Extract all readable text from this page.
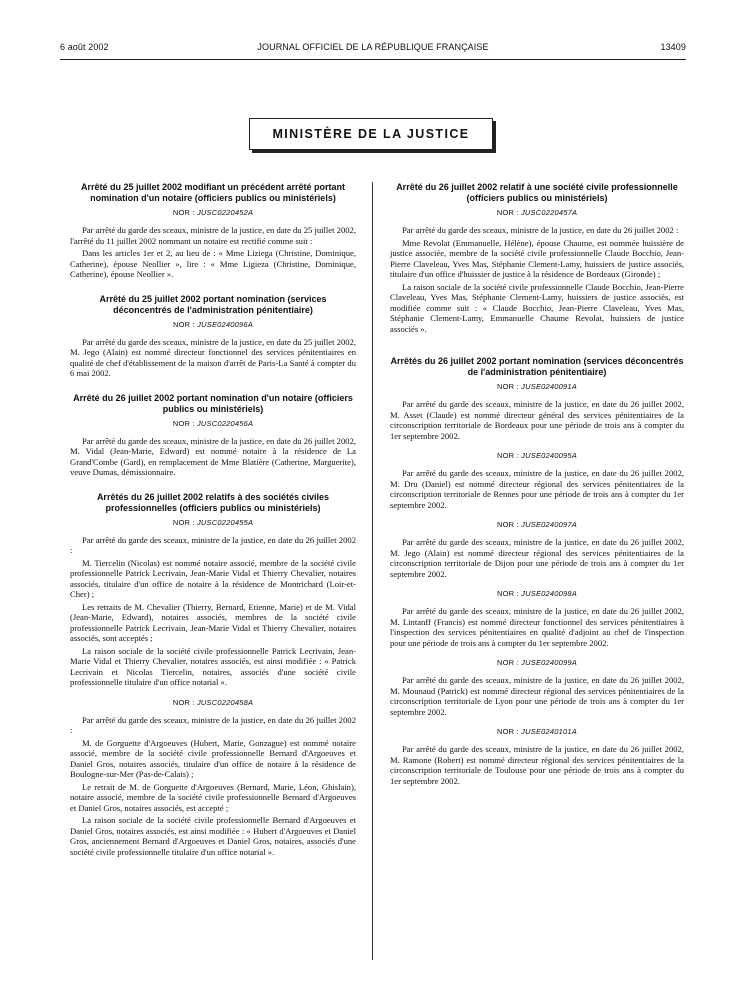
6 août 2002	JOURNAL OFFICIEL DE LA RÉPUBLIQUE FRANÇAISE	13409
MINISTÈRE DE LA JUSTICE
Arrêté du 25 juillet 2002 modifiant un précédent arrêté portant nomination d'un notaire (officiers publics ou ministériels)
NOR : JUSC0220452A

Par arrêté du garde des sceaux, ministre de la justice, en date du 25 juillet 2002, l'arrêté du 11 juillet 2002 nommant un notaire est rectifié comme suit :

Dans les articles 1er et 2, au lieu de : « Mme Liziega (Christine, Dominique, Catherine), épouse Neollier », lire : « Mme Ligieza (Christine, Dominique, Catherine), épouse Neollier ».

Arrêté du 25 juillet 2002 portant nomination (services déconcentrés de l'administration pénitentiaire)
NOR : JUSE0240096A

Par arrêté du garde des sceaux, ministre de la justice, en date du 25 juillet 2002, M. Jego (Alain) est nommé directeur fonctionnel des services pénitentiaires en qualité de chef d'établissement de la maison d'arrêt de Paris-La Santé à compter du 6 mai 2002.

Arrêté du 26 juillet 2002 portant nomination d'un notaire (officiers publics ou ministériels)
NOR : JUSC0220456A

Par arrêté du garde des sceaux, ministre de la justice, en date du 26 juillet 2002, M. Vidal (Jean-Marie, Edward) est nommé notaire à la résidence de La Grand'Combe (Gard), en remplacement de Mme Blatière (Catherine, Marguerite), veuve Dumas, démissionnaire.

Arrêtés du 26 juillet 2002 relatifs à des sociétés civiles professionnelles (officiers publics ou ministériels)
NOR : JUSC0220455A

Par arrêté du garde des sceaux, ministre de la justice, en date du 26 juillet 2002 :

M. Tiercelin (Nicolas) est nommé notaire associé, membre de la société civile professionnelle Patrick Lecrivain, Jean-Marie Vidal et Thierry Chevalier, notaires associés, titulaire d'un office de notaire à la résidence de Montrichard (Loir-et-Cher) ;

Les retraits de M. Chevalier (Thierry, Bernard, Etienne, Marie) et de M. Vidal (Jean-Marie, Edward), notaires associés, membres de la société civile professionnelle Patrick Lecrivain, Jean-Marie Vidal et Thierry Chevalier, notaires associés, sont acceptés ;

La raison sociale de la société civile professionnelle Patrick Lecrivain, Jean-Marie Vidal et Thierry Chevalier, notaires associés, est ainsi modifiée : « Patrick Lecrivain et Nicolas Tiercelin, notaires, associés d'une société civile professionnelle titulaire d'un office notarial ».

NOR : JUSC0220458A

Par arrêté du garde des sceaux, ministre de la justice, en date du 26 juillet 2002 :

M. de Gorguette d'Argoeuves (Hubert, Marie, Gonzague) est nommé notaire associé, membre de la société civile professionnelle Bernard d'Argoeuves et Daniel Gros, notaires associés, titulaire d'un office de notaire à la résidence de Boulogne-sur-Mer (Pas-de-Calais) ;

Le retrait de M. de Gorguette d'Argoeuves (Bernard, Marie, Léon, Ghislain), notaire associé, membre de la société civile professionnelle Bernard d'Argoeuves et Daniel Gros, notaires associés, est accepté ;

La raison sociale de la société civile professionnelle Bernard d'Argoeuves et Daniel Gros, notaires associés, est ainsi modifiée : « Hubert d'Argoeuves et Daniel Gros, anciennement Bernard d'Argoeuves et Daniel Gros, notaires, associés d'une société civile professionnelle titulaire d'un office notarial ».

Arrêté du 26 juillet 2002 relatif à une société civile professionnelle (officiers publics ou ministériels)
NOR : JUSC0220457A

Par arrêté du garde des sceaux, ministre de la justice, en date du 26 juillet 2002 :

Mme Revolat (Emmanuelle, Hélène), épouse Chaume, est nommée huissière de justice associée, membre de la société civile professionnelle Claude Bocchio, Jean-Pierre Claveleau, Yves Mas, Stéphanie Clement-Lamy, huissiers de justice associés, titulaire d'un office d'huissier de justice à la résidence de Bordeaux (Gironde) ;

La raison sociale de la société civile professionnelle Claude Bocchio, Jean-Pierre Claveleau, Yves Mas, Stéphanie Clement-Lamy, huissiers de justice associés, est modifiée comme suit : « Claude Bocchio, Jean-Pierre Claveleau, Yves Mas, Stéphanie Clement-Lamy, Emmanuelle Chaume Revolat, huissiers de justice associés ».

Arrêtés du 26 juillet 2002 portant nomination (services déconcentrés de l'administration pénitentiaire)
NOR : JUSE0240091A

Par arrêté du garde des sceaux, ministre de la justice, en date du 26 juillet 2002, M. Asset (Claude) est nommé directeur général des services pénitentiaires de la circonscription territoriale de Bordeaux pour une période de trois ans à compter du 1er septembre 2002.

NOR : JUSE0240095A

Par arrêté du garde des sceaux, ministre de la justice, en date du 26 juillet 2002, M. Dru (Daniel) est nommé directeur régional des services pénitentiaires de la circonscription territoriale de Rennes pour une période de trois ans à compter du 1er septembre 2002.

NOR : JUSE0240097A

Par arrêté du garde des sceaux, ministre de la justice, en date du 26 juillet 2002, M. Jego (Alain) est nommé directeur régional des services pénitentiaires de la circonscription territoriale de Dijon pour une période de trois ans à compter du 1er septembre 2002.

NOR : JUSE0240098A

Par arrêté du garde des sceaux, ministre de la justice, en date du 26 juillet 2002, M. Lintanff (Francis) est nommé directeur fonctionnel des services pénitentiaires à l'inspection des services pénitentiaires en qualité d'adjoint au chef de l'inspection pour une période de trois ans à compter du 1er septembre 2002.

NOR : JUSE0240099A

Par arrêté du garde des sceaux, ministre de la justice, en date du 26 juillet 2002, M. Mounaud (Patrick) est nommé directeur régional des services pénitentiaires de la circonscription territoriale de Lyon pour une période de trois ans à compter du 1er septembre 2002.

NOR : JUSE0240101A

Par arrêté du garde des sceaux, ministre de la justice, en date du 26 juillet 2002, M. Ramone (Robert) est nommé directeur régional des services pénitentiaires de la circonscription territoriale de Toulouse pour une période de trois ans à compter du 1er septembre 2002.
